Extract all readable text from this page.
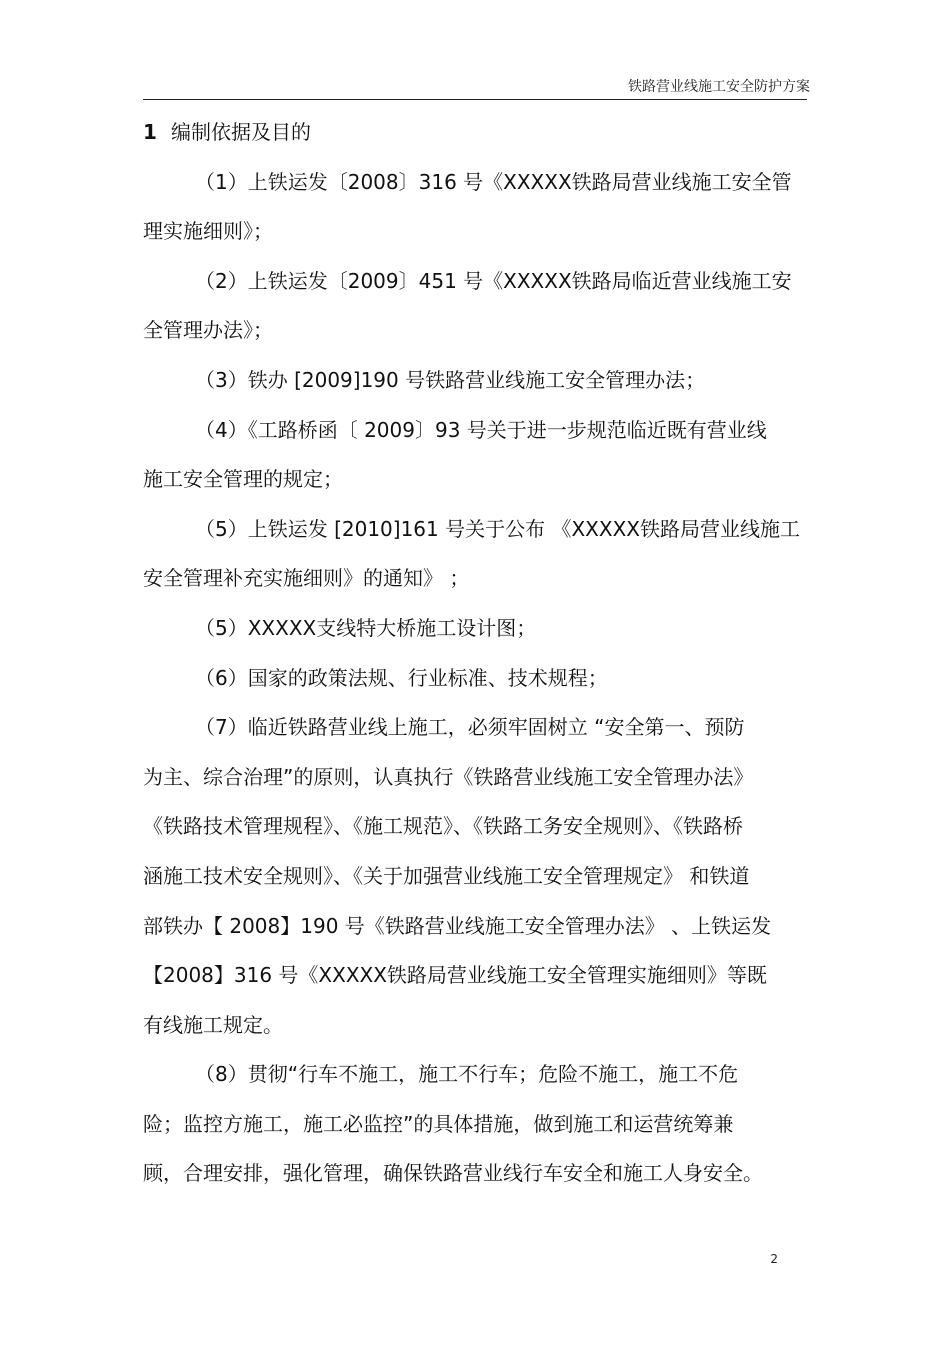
铁路营业线施工安全防护方案
1 编制依据及目的
（1）上铁运发〔2008〕316 号《XXXXX铁路局营业线施工安全管
理实施细则》；
（2）上铁运发〔2009〕451 号《XXXXX铁路局临近营业线施工安
全管理办法》；
（3）铁办 [2009]190 号铁路营业线施工安全管理办法；
（4）《工路桥函〔 2009〕93 号关于进一步规范临近既有营业线
施工安全管理的规定；
（5）上铁运发 [2010]161 号关于公布 《XXXXX铁路局营业线施工
安全管理补充实施细则》的通知》 ；
（5）XXXXX支线特大桥施工设计图；
（6）国家的政策法规、行业标准、技术规程；
（7）临近铁路营业线上施工，必须牢固树立 “安全第一、预防
为主、综合治理”的原则，认真执行《铁路营业线施工安全管理办法》
《铁路技术管理规程》、《施工规范》、《铁路工务安全规则》、《铁路桥
涵施工技术安全规则》、《关于加强营业线施工安全管理规定》 和铁道
部铁办【 2008】190 号《铁路营业线施工安全管理办法》 、上铁运发
【2008】316 号《XXXXX铁路局营业线施工安全管理实施细则》等既
有线施工规定。
（8）贯彻“行车不施工，施工不行车；危险不施工，施工不危
险；监控方施工，施工必监控”的具体措施，做到施工和运营统筹兼
顾，合理安排，强化管理，确保铁路营业线行车安全和施工人身安全。
2
